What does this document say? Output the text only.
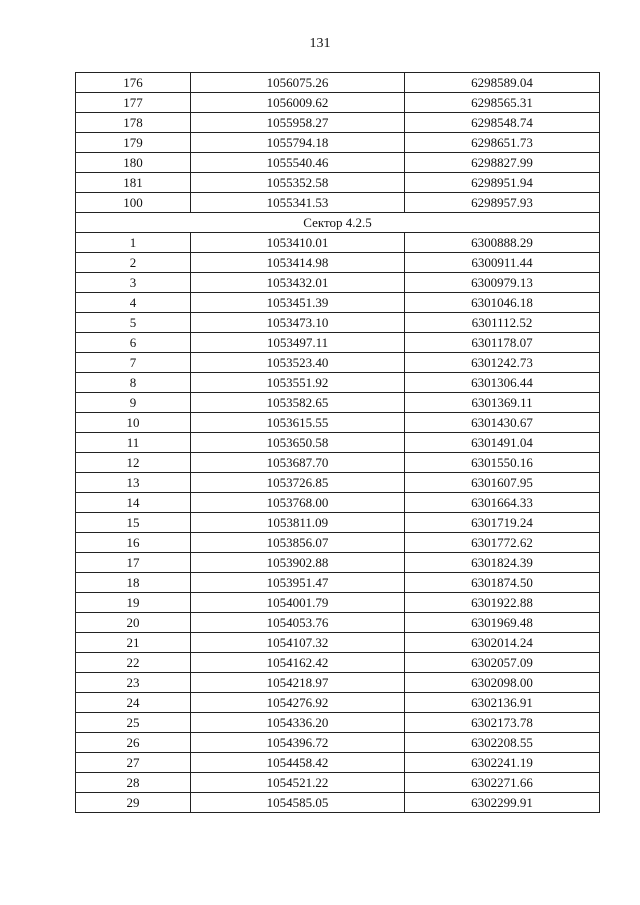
131
176	1056075.26	6298589.04
177	1056009.62	6298565.31
178	1055958.27	6298548.74
179	1055794.18	6298651.73
180	1055540.46	6298827.99
181	1055352.58	6298951.94
100	1055341.53	6298957.93
Сектор 4.2.5		
1	1053410.01	6300888.29
2	1053414.98	6300911.44
3	1053432.01	6300979.13
4	1053451.39	6301046.18
5	1053473.10	6301112.52
6	1053497.11	6301178.07
7	1053523.40	6301242.73
8	1053551.92	6301306.44
9	1053582.65	6301369.11
10	1053615.55	6301430.67
11	1053650.58	6301491.04
12	1053687.70	6301550.16
13	1053726.85	6301607.95
14	1053768.00	6301664.33
15	1053811.09	6301719.24
16	1053856.07	6301772.62
17	1053902.88	6301824.39
18	1053951.47	6301874.50
19	1054001.79	6301922.88
20	1054053.76	6301969.48
21	1054107.32	6302014.24
22	1054162.42	6302057.09
23	1054218.97	6302098.00
24	1054276.92	6302136.91
25	1054336.20	6302173.78
26	1054396.72	6302208.55
27	1054458.42	6302241.19
28	1054521.22	6302271.66
29	1054585.05	6302299.91
